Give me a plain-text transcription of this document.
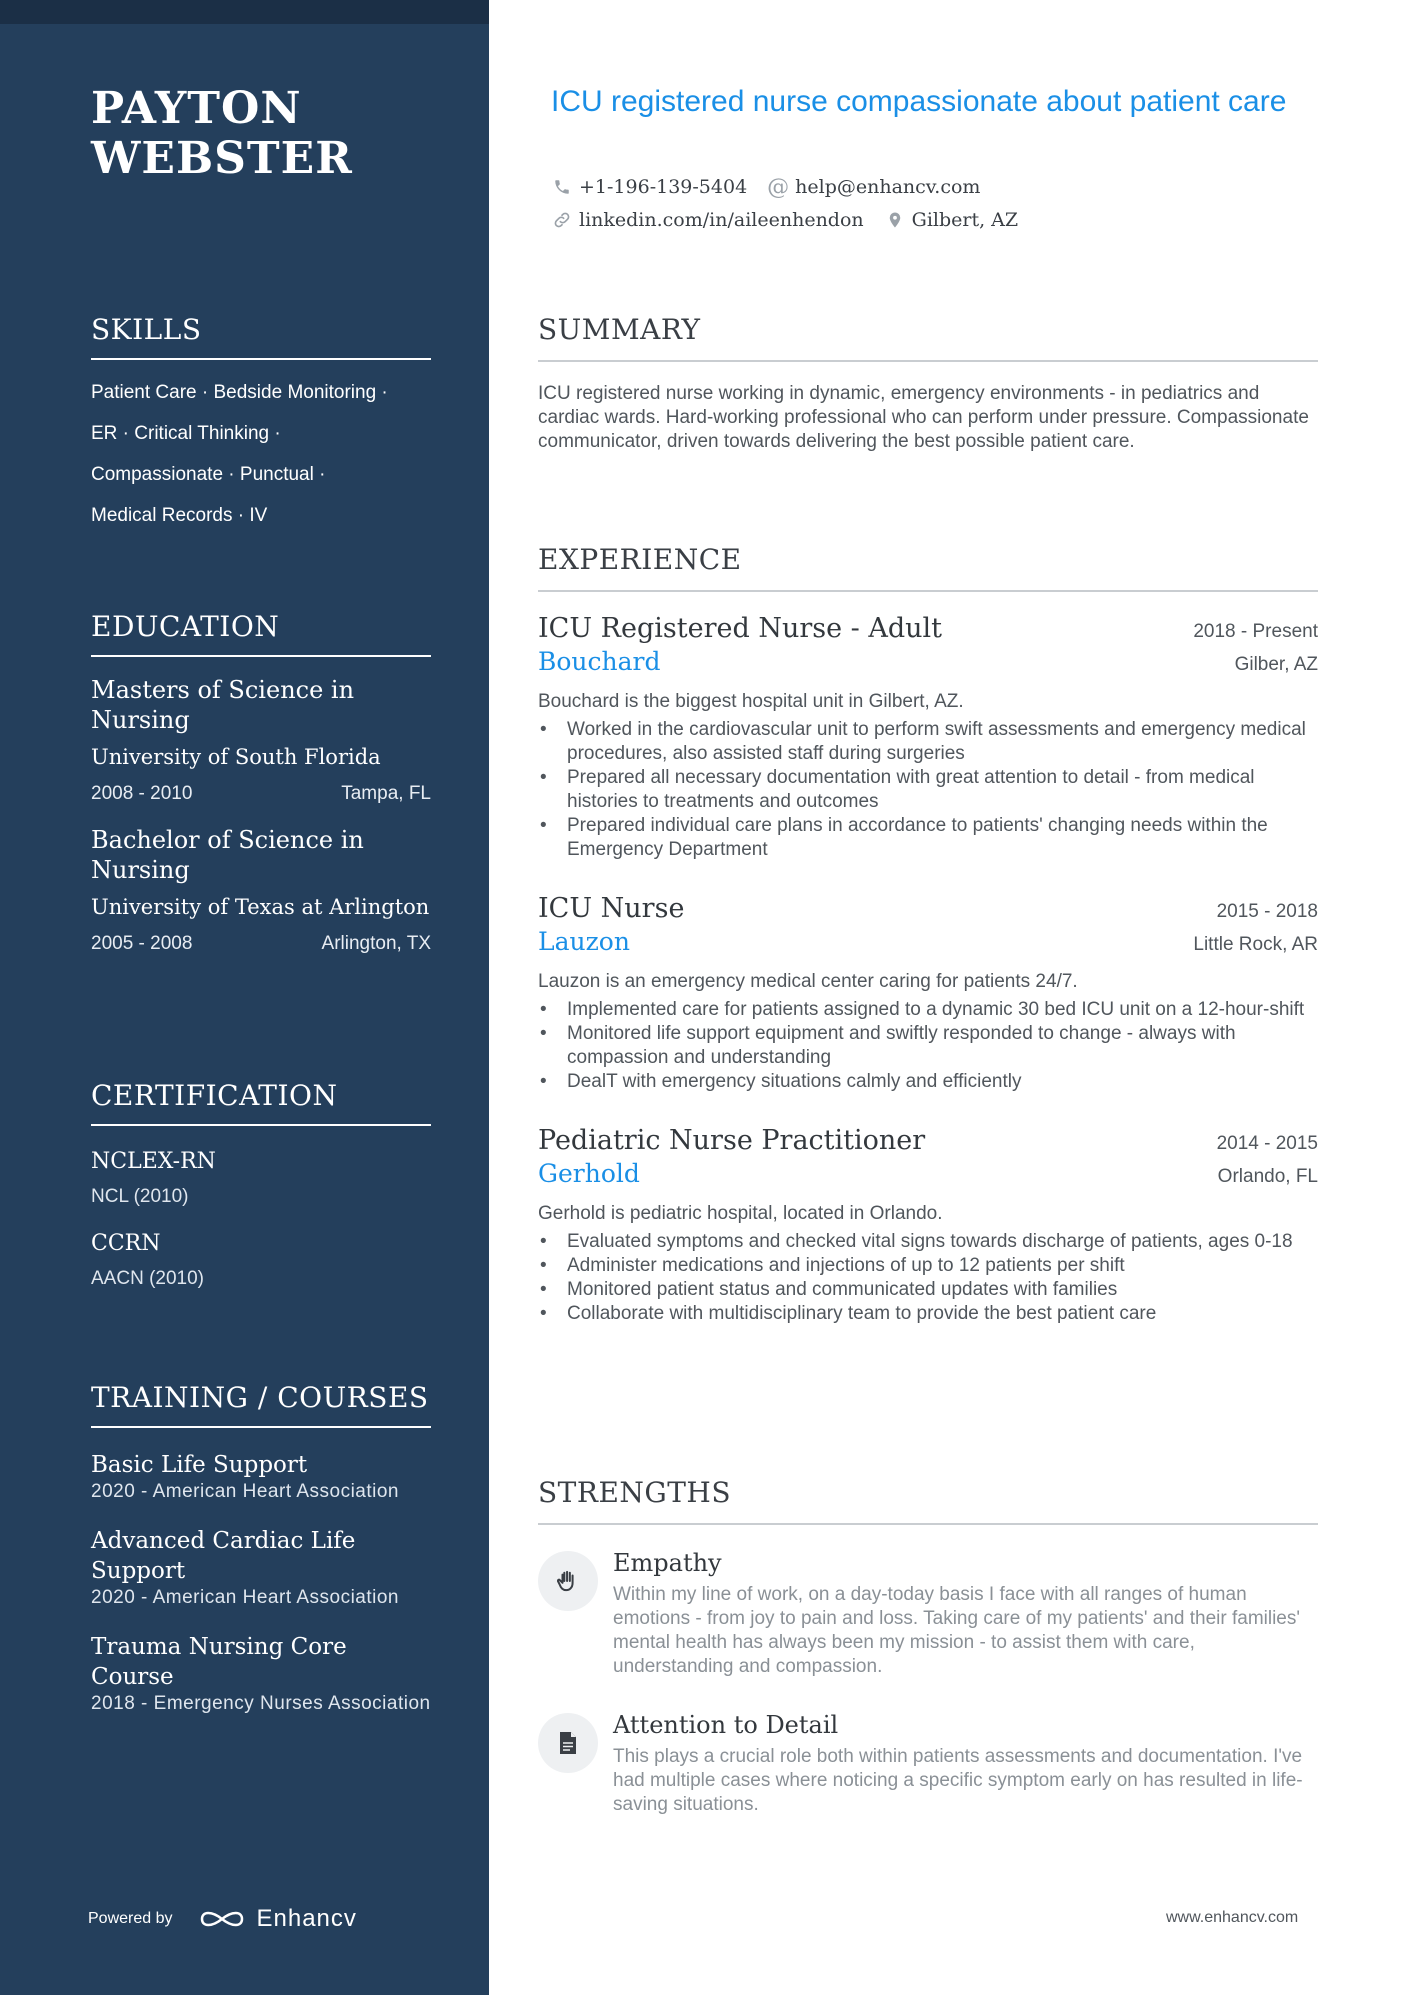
PAYTON
WEBSTER
SKILLS
Patient Care · Bedside Monitoring ·
ER · Critical Thinking ·
Compassionate · Punctual ·
Medical Records · IV
EDUCATION
Masters of Science in Nursing
University of South Florida
2008 - 2010	Tampa, FL
Bachelor of Science in Nursing
University of Texas at Arlington
2005 - 2008	Arlington, TX
CERTIFICATION
NCLEX-RN
NCL (2010)
CCRN
AACN (2010)
TRAINING / COURSES
Basic Life Support
2020 - American Heart Association
Advanced Cardiac Life Support
2020 - American Heart Association
Trauma Nursing Core Course
2018 - Emergency Nurses Association
Powered by	Enhancv
ICU registered nurse compassionate about patient care
+1-196-139-5404 @ help@enhancv.com
linkedin.com/in/aileenhendon	Gilbert, AZ
SUMMARY
ICU registered nurse working in dynamic, emergency environments - in pediatrics and cardiac wards. Hard-working professional who can perform under pressure. Compassionate communicator, driven towards delivering the best possible patient care.
EXPERIENCE
ICU Registered Nurse - Adult	2018 - Present
Bouchard	Gilber, AZ
Bouchard is the biggest hospital unit in Gilbert, AZ.
• Worked in the cardiovascular unit to perform swift assessments and emergency medical procedures, also assisted staff during surgeries
• Prepared all necessary documentation with great attention to detail - from medical histories to treatments and outcomes
• Prepared individual care plans in accordance to patients' changing needs within the Emergency Department
ICU Nurse	2015 - 2018
Lauzon	Little Rock, AR
Lauzon is an emergency medical center caring for patients 24/7.
• Implemented care for patients assigned to a dynamic 30 bed ICU unit on a 12-hour-shift
• Monitored life support equipment and swiftly responded to change - always with compassion and understanding
• DealT with emergency situations calmly and efficiently
Pediatric Nurse Practitioner	2014 - 2015
Gerhold	Orlando, FL
Gerhold is pediatric hospital, located in Orlando.
• Evaluated symptoms and checked vital signs towards discharge of patients, ages 0-18
• Administer medications and injections of up to 12 patients per shift
• Monitored patient status and communicated updates with families
• Collaborate with multidisciplinary team to provide the best patient care
STRENGTHS
Empathy
Within my line of work, on a day-today basis I face with all ranges of human emotions - from joy to pain and loss. Taking care of my patients' and their families' mental health has always been my mission - to assist them with care, understanding and compassion.
Attention to Detail
This plays a crucial role both within patients assessments and documentation. I've had multiple cases where noticing a specific symptom early on has resulted in life-saving situations.
www.enhancv.com
